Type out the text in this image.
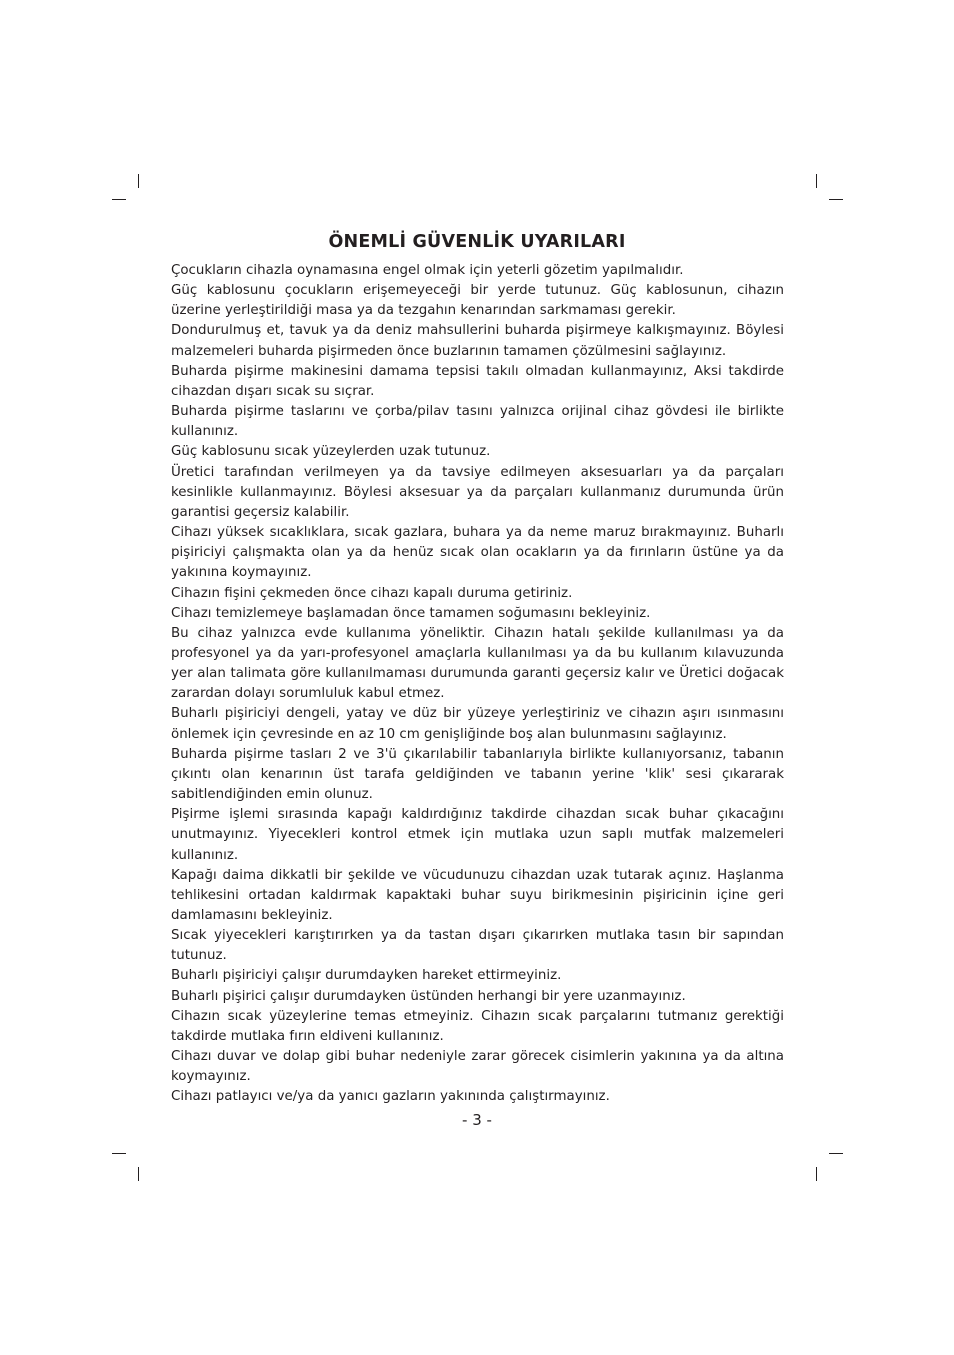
ÖNEMLİ GÜVENLİK UYARILARI

Çocukların cihazla oynamasına engel olmak için yeterli gözetim yapılmalıdır.

Güç kablosunu çocukların erişemeyeceği bir yerde tutunuz. Güç kablosunun, cihazın üzerine yerleştirildiği masa ya da tezgahın kenarından sarkmaması gerekir.

Dondurulmuş et, tavuk ya da deniz mahsullerini buharda pişirmeye kalkışmayınız. Böylesi malzemeleri buharda pişirmeden önce buzlarının tamamen çözülmesini sağlayınız.

Buharda pişirme makinesini damama tepsisi takılı olmadan kullanmayınız, Aksi takdirde cihazdan dışarı sıcak su sıçrar.

Buharda pişirme taslarını ve çorba/pilav tasını yalnızca orijinal cihaz gövdesi ile birlikte kullanınız.

Güç kablosunu sıcak yüzeylerden uzak tutunuz.

Üretici tarafından verilmeyen ya da tavsiye edilmeyen aksesuarları ya da parçaları kesinlikle kullanmayınız. Böylesi aksesuar ya da parçaları kullanmanız durumunda ürün garantisi geçersiz kalabilir.

Cihazı yüksek sıcaklıklara, sıcak gazlara, buhara ya da neme maruz bırakmayınız. Buharlı pişiriciyi çalışmakta olan ya da henüz sıcak olan ocakların ya da fırınların üstüne ya da yakınına koymayınız.

Cihazın fişini çekmeden önce cihazı kapalı duruma getiriniz.

Cihazı temizlemeye başlamadan önce tamamen soğumasını bekleyiniz.

Bu cihaz yalnızca evde kullanıma yöneliktir. Cihazın hatalı şekilde kullanılması ya da profesyonel ya da yarı-profesyonel amaçlarla kullanılması ya da bu kullanım kılavuzunda yer alan talimata göre kullanılmaması durumunda garanti geçersiz kalır ve Üretici doğacak zarardan dolayı sorumluluk kabul etmez.

Buharlı pişiriciyi dengeli, yatay ve düz bir yüzeye yerleştiriniz ve cihazın aşırı ısınmasını önlemek için çevresinde en az 10 cm genişliğinde boş alan bulunmasını sağlayınız.

Buharda pişirme tasları 2 ve 3'ü çıkarılabilir tabanlarıyla birlikte kullanıyorsanız, tabanın çıkıntı olan kenarının üst tarafa geldiğinden ve tabanın yerine 'klik' sesi çıkararak sabitlendiğinden emin olunuz.

Pişirme işlemi sırasında kapağı kaldırdığınız takdirde cihazdan sıcak buhar çıkacağını unutmayınız. Yiyecekleri kontrol etmek için mutlaka uzun saplı mutfak malzemeleri kullanınız.

Kapağı daima dikkatli bir şekilde ve vücudunuzu cihazdan uzak tutarak açınız. Haşlanma tehlikesini ortadan kaldırmak kapaktaki buhar suyu birikmesinin pişiricinin içine geri damlamasını bekleyiniz.

Sıcak yiyecekleri karıştırırken ya da tastan dışarı çıkarırken mutlaka tasın bir sapından tutunuz.

Buharlı pişiriciyi çalışır durumdayken hareket ettirmeyiniz.

Buharlı pişirici çalışır durumdayken üstünden herhangi bir yere uzanmayınız.

Cihazın sıcak yüzeylerine temas etmeyiniz. Cihazın sıcak parçalarını tutmanız gerektiği takdirde mutlaka fırın eldiveni kullanınız.

Cihazı duvar ve dolap gibi buhar nedeniyle zarar görecek cisimlerin yakınına ya da altına koymayınız.

Cihazı patlayıcı ve/ya da yanıcı gazların yakınında çalıştırmayınız.

- 3 -
